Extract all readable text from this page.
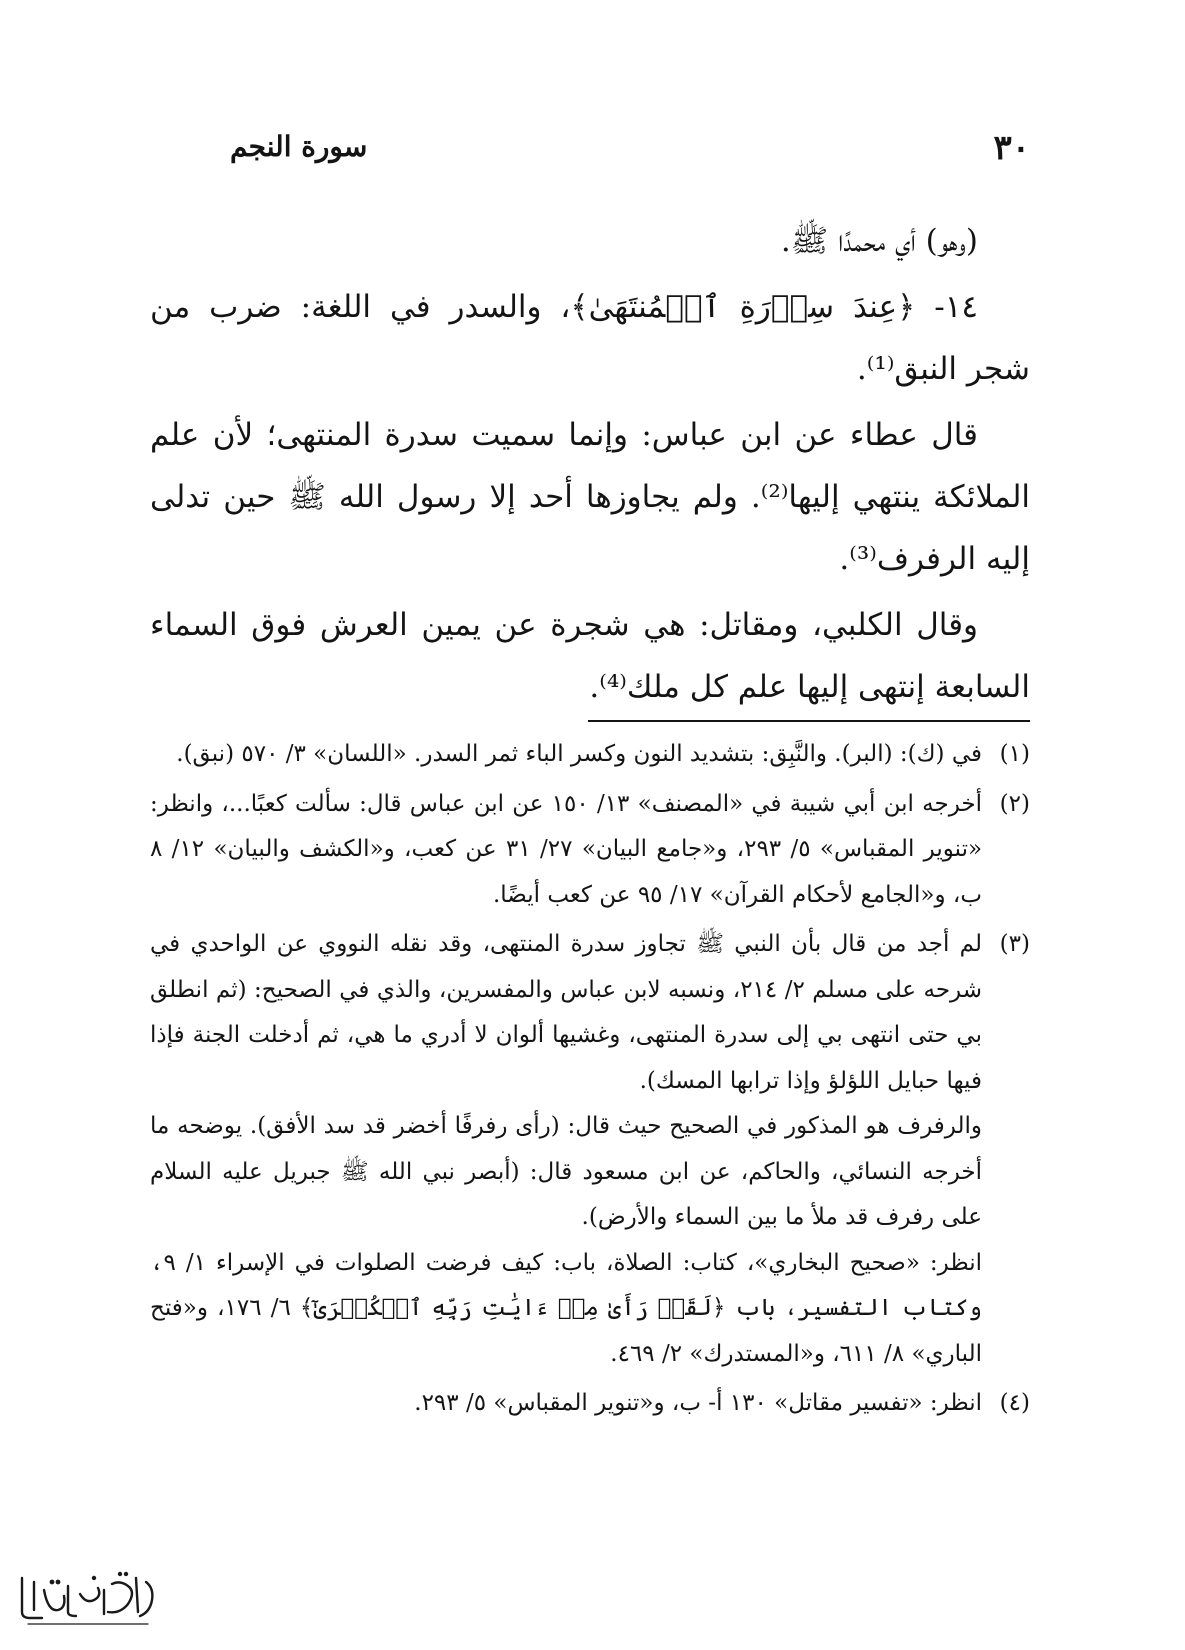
٣٠
سورة النجم

(وهو) أي محمدًا ﷺ.

١٤- ﴿عِندَ سِدۡرَةِ ٱلۡمُنتَهَىٰ﴾، والسدر في اللغة: ضرب من شجر النبق⁽¹⁾.

قال عطاء عن ابن عباس: وإنما سميت سدرة المنتهى؛ لأن علم الملائكة ينتهي إليها⁽²⁾. ولم يجاوزها أحد إلا رسول الله ﷺ حين تدلى إليه الرفرف⁽³⁾.

وقال الكلبي، ومقاتل: هي شجرة عن يمين العرش فوق السماء السابعة إنتهى إليها علم كل ملك⁽⁴⁾.

(١)

في (ك): (البر). والنَّبِق: بتشديد النون وكسر الباء ثمر السدر. «اللسان» ٣/ ٥٧٠ (نبق).

(٢)

أخرجه ابن أبي شيبة في «المصنف» ١٣/ ١٥٠ عن ابن عباس قال: سألت كعبًا...، وانظر: «تنوير المقباس» ٥/ ٢٩٣، و«جامع البيان» ٢٧/ ٣١ عن كعب، و«الكشف والبيان» ١٢/ ٨ ب، و«الجامع لأحكام القرآن» ١٧/ ٩٥ عن كعب أيضًا.

(٣)

لم أجد من قال بأن النبي ﷺ تجاوز سدرة المنتهى، وقد نقله النووي عن الواحدي في شرحه على مسلم ٢/ ٢١٤، ونسبه لابن عباس والمفسرين، والذي في الصحيح: (ثم انطلق بي حتى انتهى بي إلى سدرة المنتهى، وغشيها ألوان لا أدري ما هي، ثم أدخلت الجنة فإذا فيها حبايل اللؤلؤ وإذا ترابها المسك).

والرفرف هو المذكور في الصحيح حيث قال: (رأى رفرفًا أخضر قد سد الأفق). يوضحه ما أخرجه النسائي، والحاكم، عن ابن مسعود قال: (أبصر نبي الله ﷺ جبريل عليه السلام على رفرف قد ملأ ما بين السماء والأرض).

انظر: «صحيح البخاري»، كتاب: الصلاة، باب: كيف فرضت الصلوات في الإسراء ١/ ٩، وكتاب التفسير، باب ﴿لَقَدۡ رَأَىٰ مِنۡ ءَايَٰتِ رَبِّهِ ٱلۡكُبۡرَىٰٓ﴾ ٦/ ١٧٦، و«فتح الباري» ٨/ ٦١١، و«المستدرك» ٢/ ٤٦٩.

(٤)

انظر: «تفسير مقاتل» ١٣٠ أ- ب، و«تنوير المقباس» ٥/ ٢٩٣.
